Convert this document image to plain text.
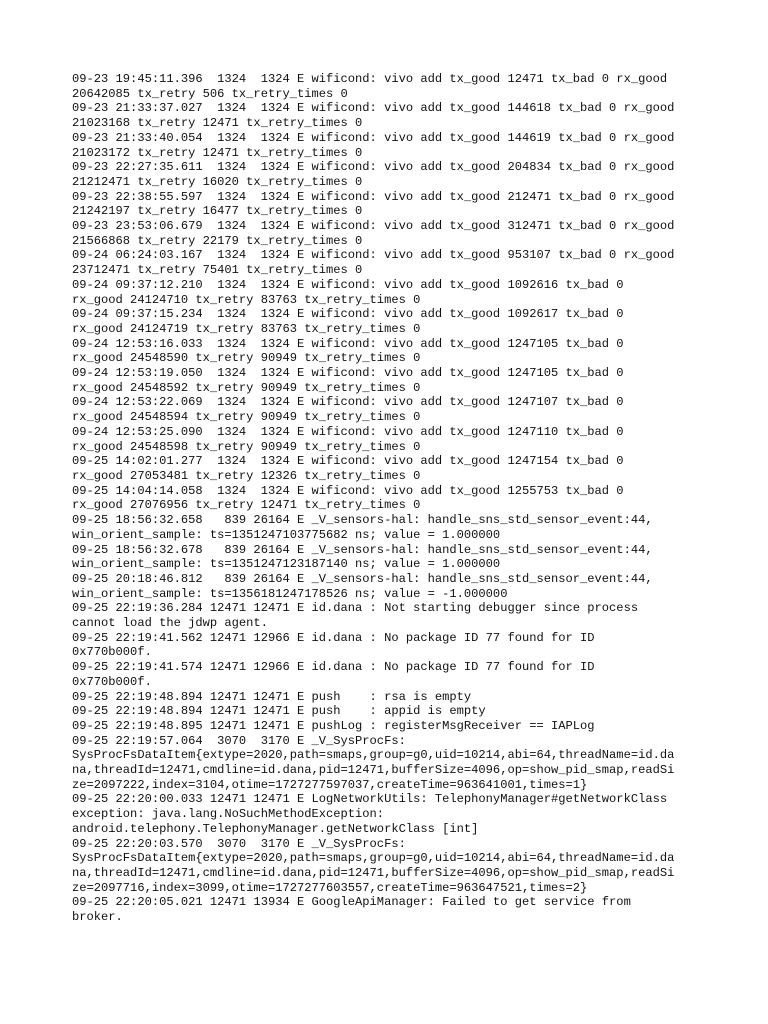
09-23 19:45:11.396  1324  1324 E wificond: vivo add tx_good 12471 tx_bad 0 rx_good
20642085 tx_retry 506 tx_retry_times 0
09-23 21:33:37.027  1324  1324 E wificond: vivo add tx_good 144618 tx_bad 0 rx_good
21023168 tx_retry 12471 tx_retry_times 0
09-23 21:33:40.054  1324  1324 E wificond: vivo add tx_good 144619 tx_bad 0 rx_good
21023172 tx_retry 12471 tx_retry_times 0
09-23 22:27:35.611  1324  1324 E wificond: vivo add tx_good 204834 tx_bad 0 rx_good
21212471 tx_retry 16020 tx_retry_times 0
09-23 22:38:55.597  1324  1324 E wificond: vivo add tx_good 212471 tx_bad 0 rx_good
21242197 tx_retry 16477 tx_retry_times 0
09-23 23:53:06.679  1324  1324 E wificond: vivo add tx_good 312471 tx_bad 0 rx_good
21566868 tx_retry 22179 tx_retry_times 0
09-24 06:24:03.167  1324  1324 E wificond: vivo add tx_good 953107 tx_bad 0 rx_good
23712471 tx_retry 75401 tx_retry_times 0
09-24 09:37:12.210  1324  1324 E wificond: vivo add tx_good 1092616 tx_bad 0
rx_good 24124710 tx_retry 83763 tx_retry_times 0
09-24 09:37:15.234  1324  1324 E wificond: vivo add tx_good 1092617 tx_bad 0
rx_good 24124719 tx_retry 83763 tx_retry_times 0
09-24 12:53:16.033  1324  1324 E wificond: vivo add tx_good 1247105 tx_bad 0
rx_good 24548590 tx_retry 90949 tx_retry_times 0
09-24 12:53:19.050  1324  1324 E wificond: vivo add tx_good 1247105 tx_bad 0
rx_good 24548592 tx_retry 90949 tx_retry_times 0
09-24 12:53:22.069  1324  1324 E wificond: vivo add tx_good 1247107 tx_bad 0
rx_good 24548594 tx_retry 90949 tx_retry_times 0
09-24 12:53:25.090  1324  1324 E wificond: vivo add tx_good 1247110 tx_bad 0
rx_good 24548598 tx_retry 90949 tx_retry_times 0
09-25 14:02:01.277  1324  1324 E wificond: vivo add tx_good 1247154 tx_bad 0
rx_good 27053481 tx_retry 12326 tx_retry_times 0
09-25 14:04:14.058  1324  1324 E wificond: vivo add tx_good 1255753 tx_bad 0
rx_good 27076956 tx_retry 12471 tx_retry_times 0
09-25 18:56:32.658   839 26164 E _V_sensors-hal: handle_sns_std_sensor_event:44,
win_orient_sample: ts=1351247103775682 ns; value = 1.000000
09-25 18:56:32.678   839 26164 E _V_sensors-hal: handle_sns_std_sensor_event:44,
win_orient_sample: ts=1351247123187140 ns; value = 1.000000
09-25 20:18:46.812   839 26164 E _V_sensors-hal: handle_sns_std_sensor_event:44,
win_orient_sample: ts=1356181247178526 ns; value = -1.000000
09-25 22:19:36.284 12471 12471 E id.dana : Not starting debugger since process
cannot load the jdwp agent.
09-25 22:19:41.562 12471 12966 E id.dana : No package ID 77 found for ID
0x770b000f.
09-25 22:19:41.574 12471 12966 E id.dana : No package ID 77 found for ID
0x770b000f.
09-25 22:19:48.894 12471 12471 E push    : rsa is empty
09-25 22:19:48.894 12471 12471 E push    : appid is empty
09-25 22:19:48.895 12471 12471 E pushLog : registerMsgReceiver == IAPLog
09-25 22:19:57.064  3070  3170 E _V_SysProcFs:
SysProcFsDataItem{extype=2020,path=smaps,group=g0,uid=10214,abi=64,threadName=id.da
na,threadId=12471,cmdline=id.dana,pid=12471,bufferSize=4096,op=show_pid_smap,readSi
ze=2097222,index=3104,otime=1727277597037,createTime=963641001,times=1}
09-25 22:20:00.033 12471 12471 E LogNetworkUtils: TelephonyManager#getNetworkClass
exception: java.lang.NoSuchMethodException:
android.telephony.TelephonyManager.getNetworkClass [int]
09-25 22:20:03.570  3070  3170 E _V_SysProcFs:
SysProcFsDataItem{extype=2020,path=smaps,group=g0,uid=10214,abi=64,threadName=id.da
na,threadId=12471,cmdline=id.dana,pid=12471,bufferSize=4096,op=show_pid_smap,readSi
ze=2097716,index=3099,otime=1727277603557,createTime=963647521,times=2}
09-25 22:20:05.021 12471 13934 E GoogleApiManager: Failed to get service from
broker.
